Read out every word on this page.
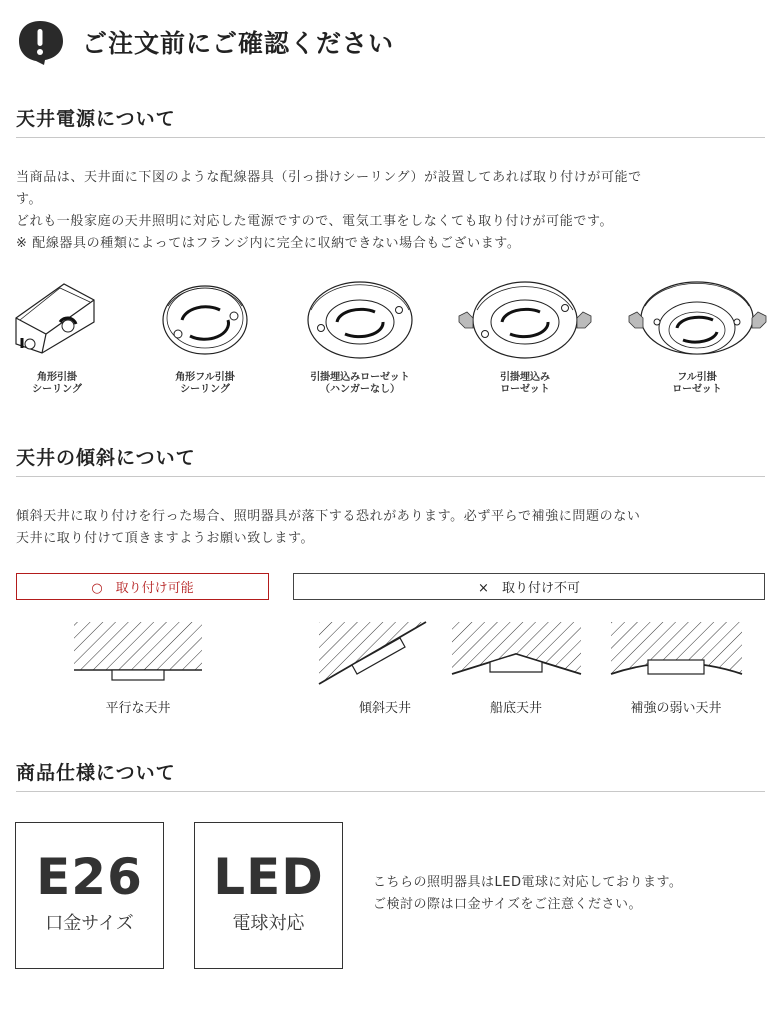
ご注文前にご確認ください
天井電源について

当商品は、天井面に下図のような配線器具（引っ掛けシーリング）が設置してあれば取り付けが可能で

す。

どれも一般家庭の天井照明に対応した電源ですので、電気工事をしなくても取り付けが可能です。

※ 配線器具の種類によってはフランジ内に完全に収納できない場合もございます。

角形引掛
シーリング
角形フル引掛
シーリング
引掛埋込みローゼット
（ハンガーなし）
引掛埋込み
ローゼット
フル引掛
ローゼット
天井の傾斜について

傾斜天井に取り付けを行った場合、照明器具が落下する恐れがあります。必ず平らで補強に問題のない

天井に取り付けて頂きますようお願い致します。

○　取り付け可能	×　取り付け不可
平行な天井	傾斜天井	船底天井	補強の弱い天井
商品仕様について
E26
口金サイズ
LED
電球対応

こちらの照明器具はLED電球に対応しております。

ご検討の際は口金サイズをご注意ください。
